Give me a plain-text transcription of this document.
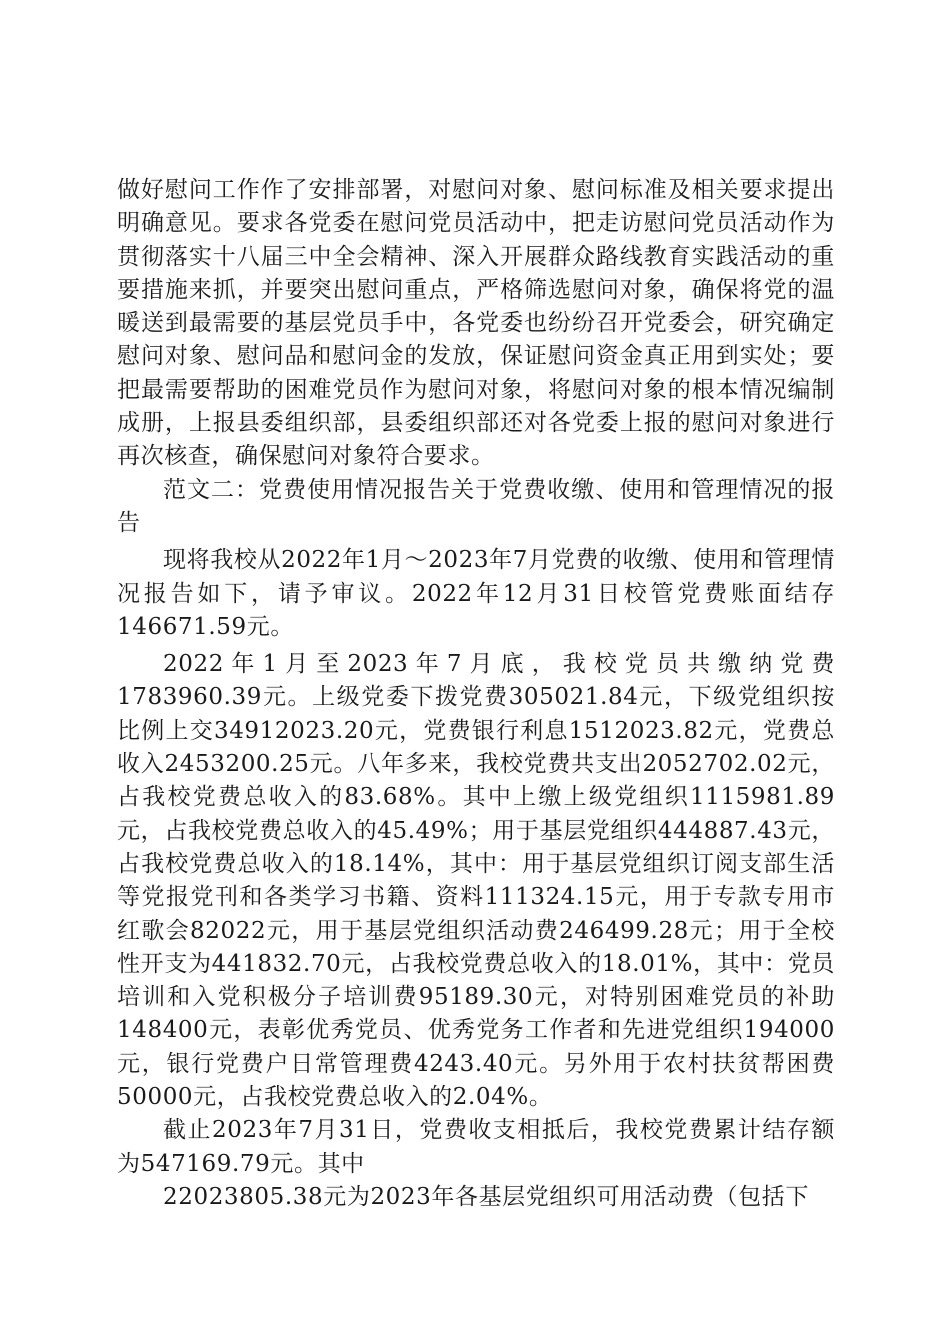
做好慰问工作作了安排部署，对慰问对象、慰问标准及相关要求提出明确意见。要求各党委在慰问党员活动中，把走访慰问党员活动作为贯彻落实十八届三中全会精神、深入开展群众路线教育实践活动的重要措施来抓，并要突出慰问重点，严格筛选慰问对象，确保将党的温暖送到最需要的基层党员手中，各党委也纷纷召开党委会，研究确定慰问对象、慰问品和慰问金的发放，保证慰问资金真正用到实处；要把最需要帮助的困难党员作为慰问对象，将慰问对象的根本情况编制成册，上报县委组织部，县委组织部还对各党委上报的慰问对象进行再次核查，确保慰问对象符合要求。

范文二：党费使用情况报告关于党费收缴、使用和管理情况的报告

现将我校从2022年1月～2023年7月党费的收缴、使用和管理情况报告如下，请予审议。2022年12月31日校管党费账面结存146671.59元。

2022年1月至2023年7月底，我校党员共缴纳党费1783960.39元。上级党委下拨党费305021.84元，下级党组织按比例上交34912023.20元，党费银行利息1512023.82元，党费总收入2453200.25元。八年多来，我校党费共支出2052702.02元，占我校党费总收入的83.68%。其中上缴上级党组织1115981.89元，占我校党费总收入的45.49%；用于基层党组织444887.43元，占我校党费总收入的18.14%，其中：用于基层党组织订阅支部生活等党报党刊和各类学习书籍、资料111324.15元，用于专款专用市红歌会82022元，用于基层党组织活动费246499.28元；用于全校性开支为441832.70元，占我校党费总收入的18.01%，其中：党员培训和入党积极分子培训费95189.30元，对特别困难党员的补助148400元，表彰优秀党员、优秀党务工作者和先进党组织194000元，银行党费户日常管理费4243.40元。另外用于农村扶贫帮困费50000元，占我校党费总收入的2.04%。

截止2023年7月31日，党费收支相抵后，我校党费累计结存额为547169.79元。其中

22023805.38元为2023年各基层党组织可用活动费（包括下
